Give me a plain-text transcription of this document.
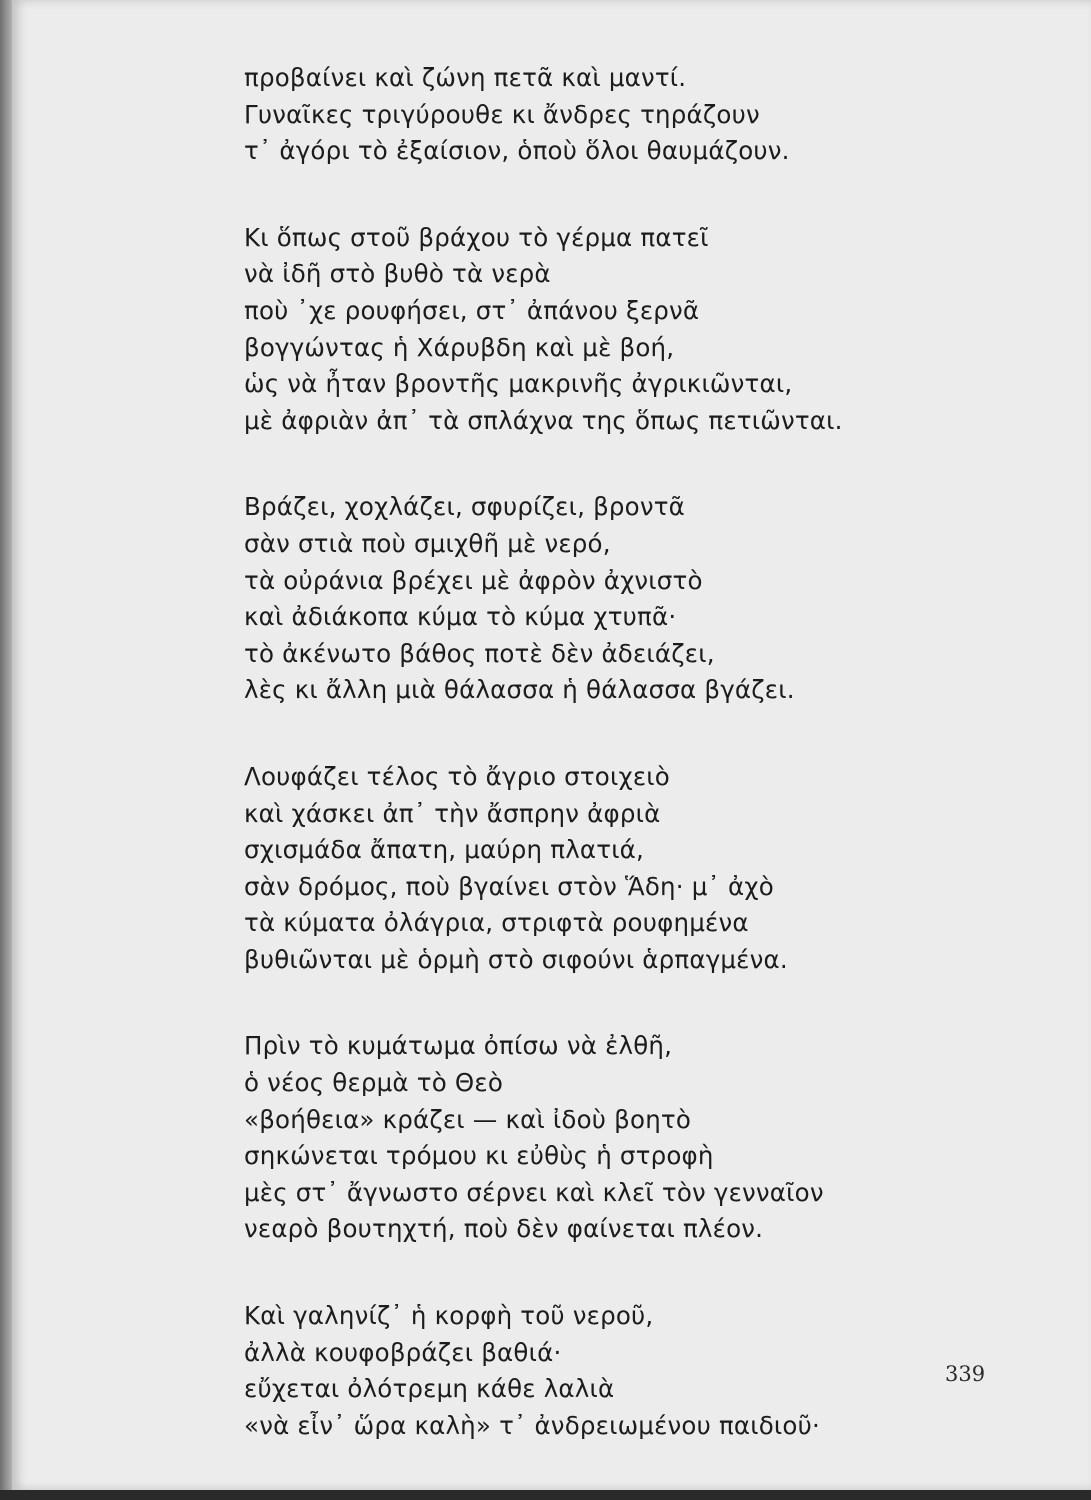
προβαίνει καὶ ζώνη πετᾶ καὶ μαντί.
Γυναῖκες τριγύρουθε κι ἄνδρες τηράζουν
τ᾽ ἀγόρι τὸ ἐξαίσιον, ὁποὺ ὅλοι θαυμάζουν.
Κι ὅπως στοῦ βράχου τὸ γέρμα πατεῖ
νὰ ἰδῆ στὸ βυθὸ τὰ νερὰ
ποὺ ᾽χε ρουφήσει, στ᾽ ἀπάνου ξερνᾶ
βογγώντας ἡ Χάρυβδη καὶ μὲ βοή,
ὡς νὰ ἦταν βροντῆς μακρινῆς ἀγρικιῶνται,
μὲ ἀφριὰν ἀπ᾽ τὰ σπλάχνα της ὅπως πετιῶνται.
Βράζει, χοχλάζει, σφυρίζει, βροντᾶ
σὰν στιὰ ποὺ σμιχθῆ μὲ νερό,
τὰ οὐράνια βρέχει μὲ ἀφρὸν ἀχνιστὸ
καὶ ἀδιάκοπα κύμα τὸ κύμα χτυπᾶ·
τὸ ἀκένωτο βάθος ποτὲ δὲν ἀδειάζει,
λὲς κι ἄλλη μιὰ θάλασσα ἡ θάλασσα βγάζει.
Λουφάζει τέλος τὸ ἄγριο στοιχειὸ
καὶ χάσκει ἀπ᾽ τὴν ἄσπρην ἀφριὰ
σχισμάδα ἄπατη, μαύρη πλατιά,
σὰν δρόμος, ποὺ βγαίνει στὸν Ἅδη· μ᾽ ἀχὸ
τὰ κύματα ὀλάγρια, στριφτὰ ρουφημένα
βυθιῶνται μὲ ὁρμὴ στὸ σιφούνι ἁρπαγμένα.
Πρὶν τὸ κυμάτωμα ὀπίσω νὰ ἐλθῆ,
ὁ νέος θερμὰ τὸ Θεὸ
«βοήθεια» κράζει — καὶ ἰδοὺ βοητὸ
σηκώνεται τρόμου κι εὐθὺς ἡ στροφὴ
μὲς στ᾽ ἄγνωστο σέρνει καὶ κλεῖ τὸν γενναῖον
νεαρὸ βουτηχτή, ποὺ δὲν φαίνεται πλέον.
Καὶ γαληνίζ᾽ ἡ κορφὴ τοῦ νεροῦ,
ἀλλὰ κουφοβράζει βαθιά·
εὔχεται ὀλότρεμη κάθε λαλιὰ
«νὰ εἶν᾽ ὥρα καλὴ» τ᾽ ἀνδρειωμένου παιδιοῦ·
339
